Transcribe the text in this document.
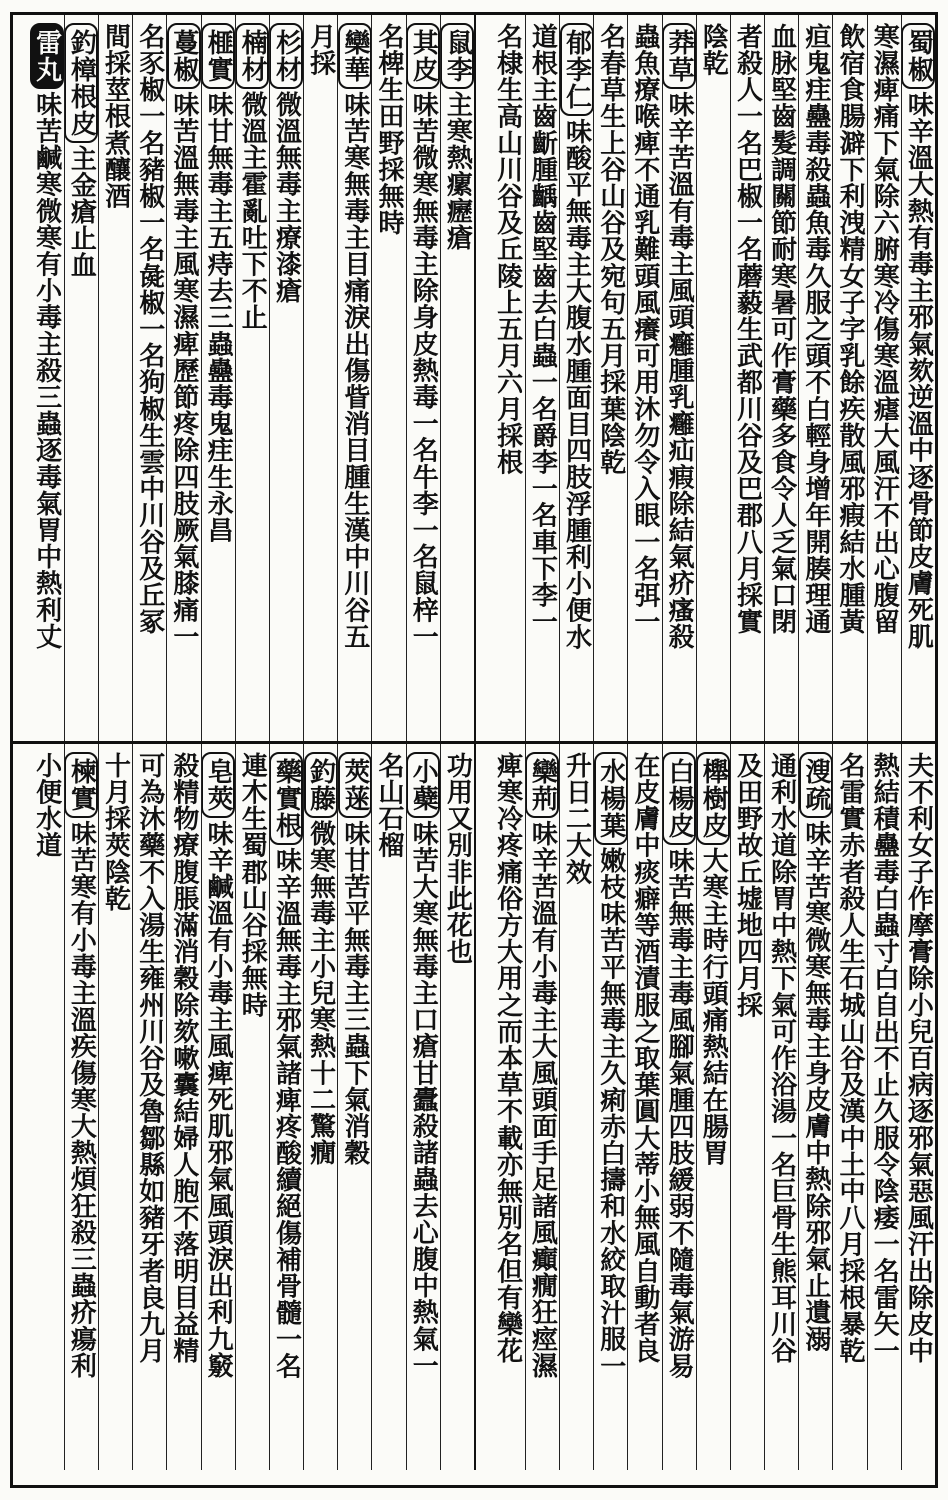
蜀椒
味辛溫大熱有毒主邪氣欬逆溫中逐骨節皮膚死肌
寒濕痺痛下氣除六腑寒冷傷寒溫瘧大風汗不出心腹留
飲宿食腸澼下利洩精女子字乳餘疾散風邪瘕結水腫黃
疸鬼疰蠱毒殺蟲魚毒久服之頭不白輕身增年開腠理通
血脉堅齒髮調關節耐寒暑可作膏藥多食令人乏氣口閉
者殺人一名巴椒一名蘑藙生武都川谷及巴郡八月採實
陰乾
莽草
味辛苦溫有毒主風頭癰腫乳癰疝瘕除結氣疥瘙殺
蟲魚療喉痺不通乳難頭風癢可用沐勿令入眼一名弭一
名春草生上谷山谷及宛句五月採葉陰乾
郁李仁
味酸平無毒主大腹水腫面目四肢浮腫利小便水
道根主齒齗腫齲齒堅齒去白蟲一名爵李一名車下李一
名棣生高山川谷及丘陵上五月六月採根
鼠李
主寒熱瘰癧瘡
其皮
味苦微寒無毒主除身皮熱毒一名牛李一名鼠梓一
名椑生田野採無時
欒華
味苦寒無毒主目痛淚出傷眥消目腫生漢中川谷五
月採
杉材
微溫無毒主療漆瘡
楠材
微溫主霍亂吐下不止
榧實
味甘無毒主五痔去三蟲蠱毒鬼疰生永昌
蔓椒
味苦溫無毒主風寒濕痺歷節疼除四肢厥氣膝痛一
名豕椒一名豬椒一名彘椒一名狗椒生雲中川谷及丘冢
間採莖根煮釀酒
釣樟根皮
主金瘡止血
雷丸
味苦鹹寒微寒有小毒主殺三蟲逐毒氣胃中熱利丈
夫不利女子作摩膏除小兒百病逐邪氣惡風汗出除皮中
熱結積蠱毒白蟲寸白自出不止久服令陰痿一名雷矢一
名雷實赤者殺人生石城山谷及漢中土中八月採根暴乾
溲疏
味辛苦寒微寒無毒主身皮膚中熱除邪氣止遺溺
通利水道除胃中熱下氣可作浴湯一名巨骨生熊耳川谷
及田野故丘墟地四月採
櫸樹皮
大寒主時行頭痛熱結在腸胃
白楊皮
味苦無毒主毒風腳氣腫四肢緩弱不隨毒氣游易
在皮膚中痰癖等酒漬服之取葉圓大蒂小無風自動者良
水楊葉
嫩枝味苦平無毒主久痢赤白擣和水絞取汁服一
升日二大效
欒荊
味辛苦溫有小毒主大風頭面手足諸風癲癇狂痙濕
痺寒冷疼痛俗方大用之而本草不載亦無別名但有欒花
功用又別非此花也
小蘗
味苦大寒無毒主口瘡甘蠹殺諸蟲去心腹中熱氣一
名山石榴
莢蒾
味甘苦平無毒主三蟲下氣消穀
釣藤
微寒無毒主小兒寒熱十二驚癇
藥實根
味辛溫無毒主邪氣諸痺疼酸續絕傷補骨髓一名
連木生蜀郡山谷採無時
皂莢
味辛鹹溫有小毒主風痺死肌邪氣風頭淚出利九竅
殺精物療腹脹滿消穀除欬嗽囊結婦人胞不落明目益精
可為沐藥不入湯生雍州川谷及魯鄒縣如豬牙者良九月
十月採莢陰乾
楝實
味苦寒有小毒主溫疾傷寒大熱煩狂殺三蟲疥瘍利
小便水道
